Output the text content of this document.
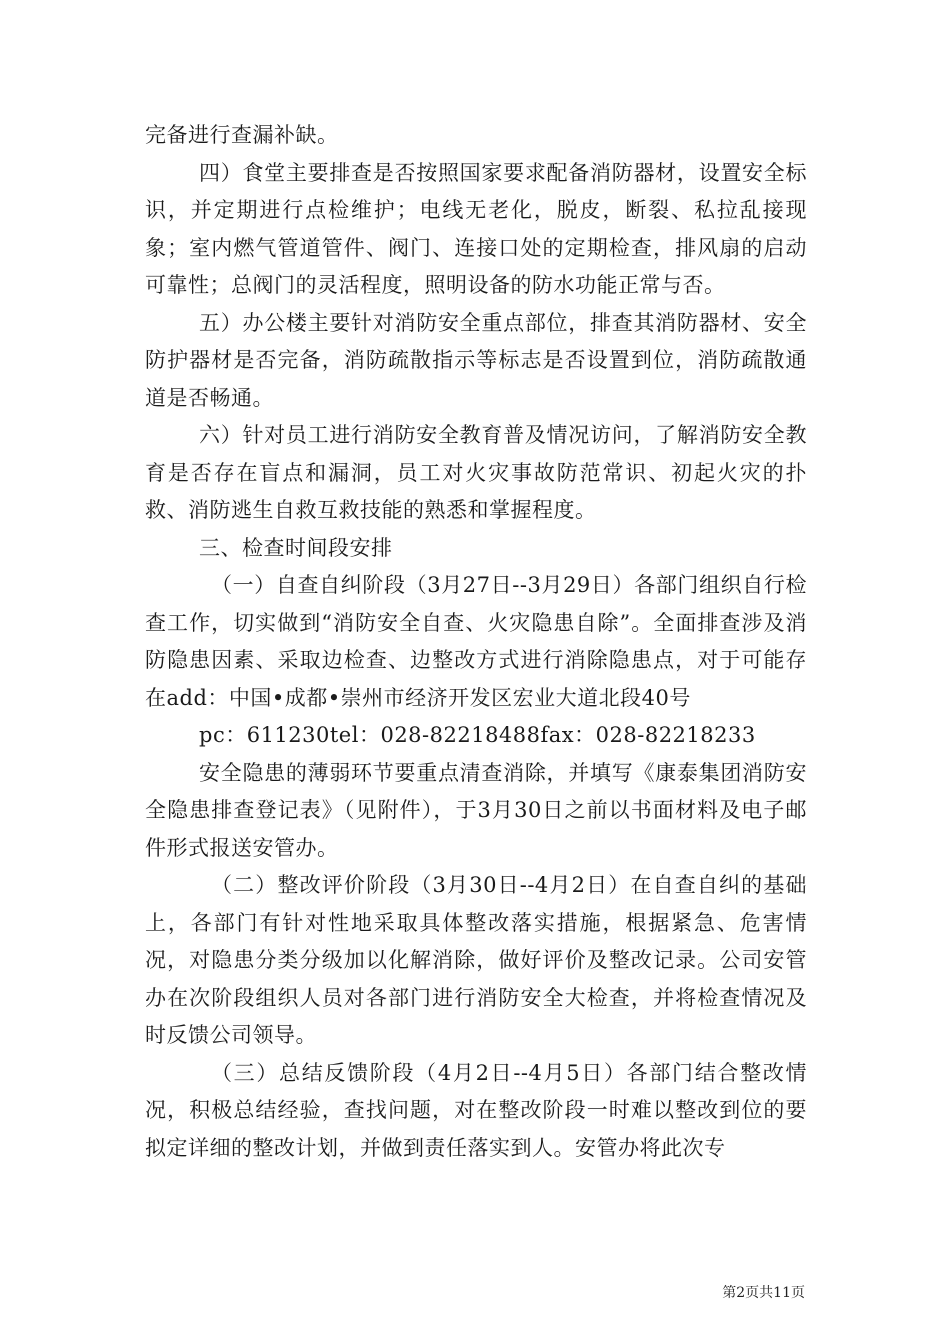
完备进行查漏补缺。

四）食堂主要排查是否按照国家要求配备消防器材，设置安全标识，并定期进行点检维护；电线无老化，脱皮，断裂、私拉乱接现象；室内燃气管道管件、阀门、连接口处的定期检查，排风扇的启动可靠性；总阀门的灵活程度，照明设备的防水功能正常与否。

五）办公楼主要针对消防安全重点部位，排查其消防器材、安全防护器材是否完备，消防疏散指示等标志是否设置到位，消防疏散通道是否畅通。

六）针对员工进行消防安全教育普及情况访问，了解消防安全教育是否存在盲点和漏洞，员工对火灾事故防范常识、初起火灾的扑救、消防逃生自救互救技能的熟悉和掌握程度。

三、检查时间段安排

（一）自查自纠阶段（3月27日--3月29日）各部门组织自行检查工作，切实做到“消防安全自查、火灾隐患自除”。全面排查涉及消防隐患因素、采取边检查、边整改方式进行消除隐患点，对于可能存在add：中国•成都•崇州市经济开发区宏业大道北段40号

pc：611230tel：028-82218488fax：028-82218233

安全隐患的薄弱环节要重点清查消除，并填写《康泰集团消防安全隐患排查登记表》（见附件），于3月30日之前以书面材料及电子邮件形式报送安管办。

（二）整改评价阶段（3月30日--4月2日）在自查自纠的基础上，各部门有针对性地采取具体整改落实措施，根据紧急、危害情况，对隐患分类分级加以化解消除，做好评价及整改记录。公司安管办在次阶段组织人员对各部门进行消防安全大检查，并将检查情况及时反馈公司领导。

（三）总结反馈阶段（4月2日--4月5日）各部门结合整改情况，积极总结经验，查找问题，对在整改阶段一时难以整改到位的要拟定详细的整改计划，并做到责任落实到人。安管办将此次专

第2页共11页
